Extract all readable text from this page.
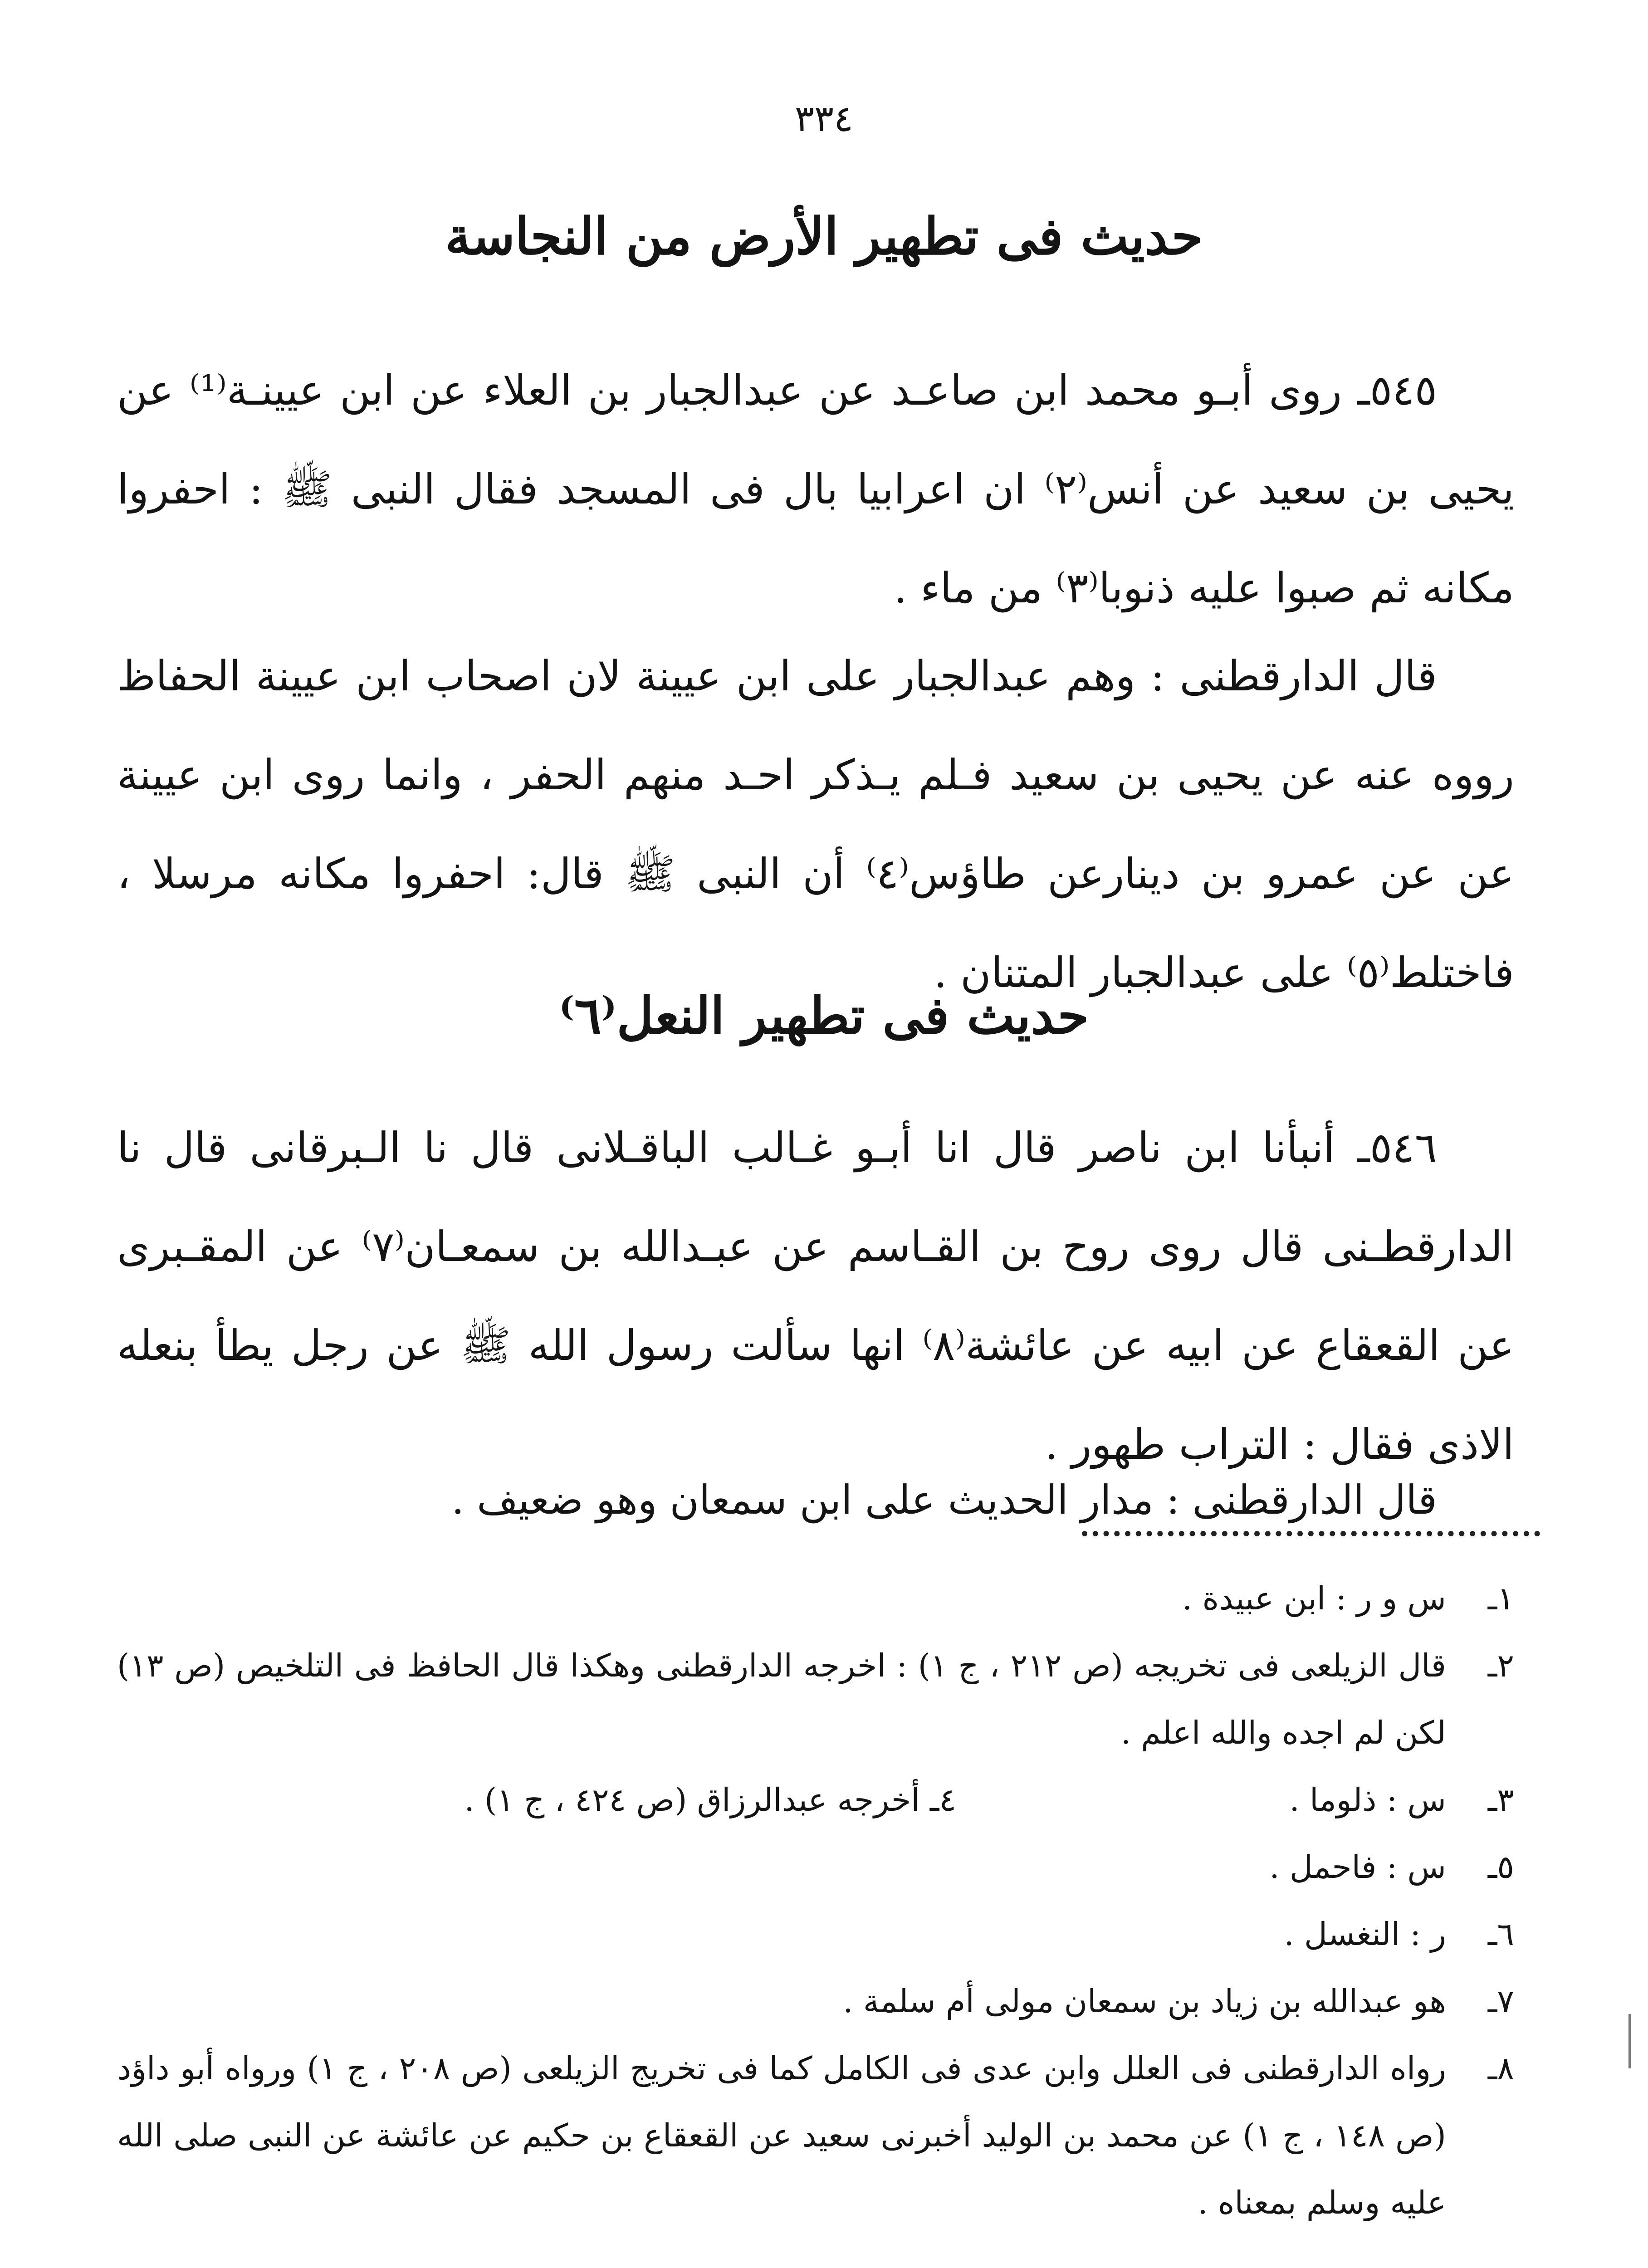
٣٣٤
حديث فى تطهير الأرض من النجاسة

٥٤٥ـ روى أبـو محمد ابن صاعـد عن عبدالجبار بن العلاء عن ابن عيينـة⁽¹⁾ عن يحيى بن سعيد عن أنس⁽٢⁾ ان اعرابيا بال فى المسجد فقال النبى ﷺ : احفروا مكانه ثم صبوا عليه ذنوبا⁽٣⁾ من ماء .

قال الدارقطنى : وهم عبدالجبار على ابن عيينة لان اصحاب ابن عيينة الحفاظ رووه عنه عن يحيى بن سعيد فـلم يـذكر احـد منهم الحفر ، وانما روى ابن عيينة عن عن عمرو بن دينارعن طاؤس⁽٤⁾ أن النبى ﷺ قال: احفروا مكانه مرسلا ، فاختلط⁽٥⁾ على عبدالجبار المتنان .

حديث فى تطهير النعل⁽٦⁾

٥٤٦ـ أنبأنا ابن ناصر قال انا أبـو غـالب الباقـلانى قال نا الـبرقانى قال نا الدارقطـنى قال روى روح بن القـاسم عن عبـدالله بن سمعـان⁽٧⁾ عن المقـبرى عن القعقاع عن ابيه عن عائشة⁽٨⁾ انها سألت رسول الله ﷺ عن رجل يطأ بنعله الاذى فقال : التراب طهور .

قال الدارقطنى : مدار الحديث على ابن سمعان وهو ضعيف .

١ـ
س و ر : ابن عبيدة .
٢ـ
قال الزيلعى فى تخريجه (ص ٢١٢ ، ج ١) : اخرجه الدارقطنى وهكذا قال الحافظ فى التلخيص (ص ١٣) لكن لم اجده والله اعلم .
٣ـ
س : ذلوما .
٤ـ أخرجه عبدالرزاق (ص ٤٢٤ ، ج ١) .
٥ـ
س : فاحمل .
٦ـ
ر : النغسل .
٧ـ
هو عبدالله بن زياد بن سمعان مولى أم سلمة .
٨ـ
رواه الدارقطنى فى العلل وابن عدى فى الكامل كما فى تخريج الزيلعى (ص ٢٠٨ ، ج ١) ورواه أبو داؤد (ص ١٤٨ ، ج ١) عن محمد بن الوليد أخبرنى سعيد عن القعقاع بن حكيم عن عائشة عن النبى صلى الله عليه وسلم بمعناه .
